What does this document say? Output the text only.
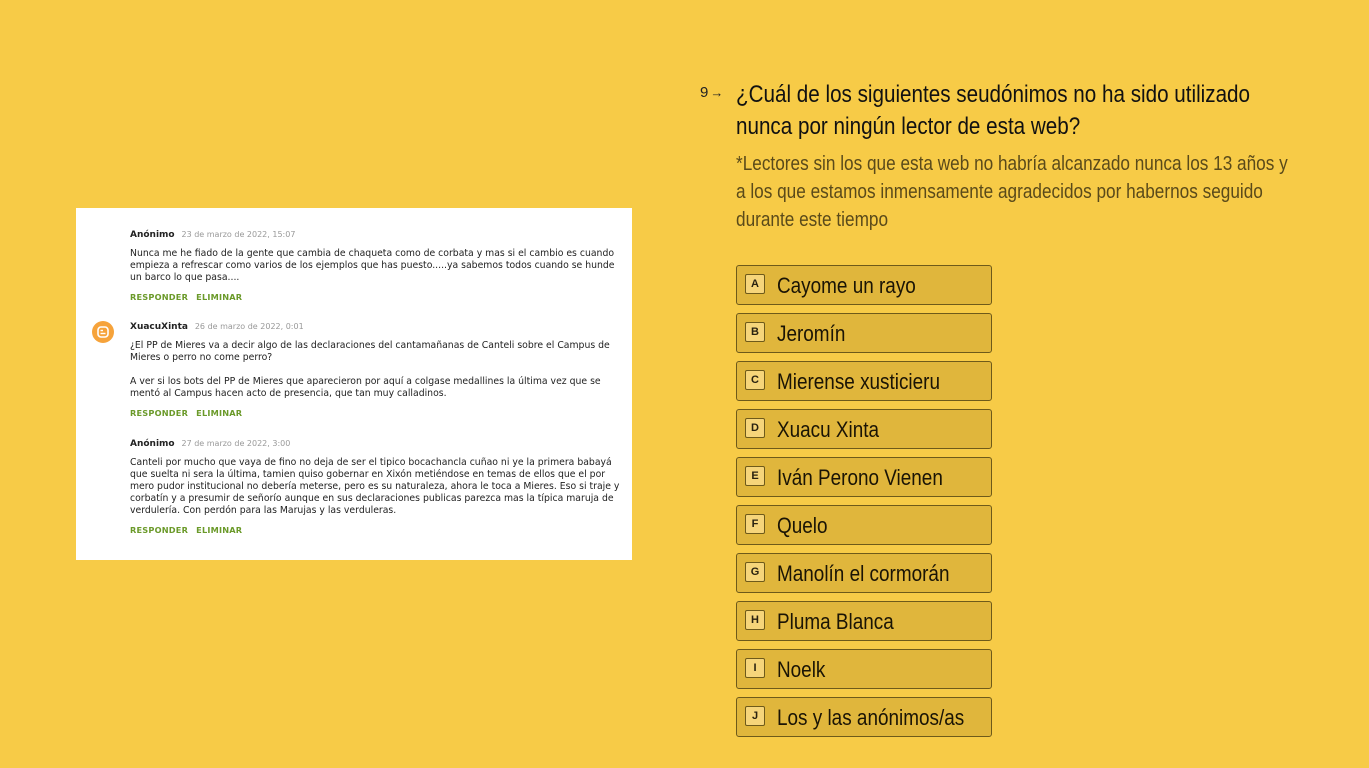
Anónimo 23 de marzo de 2022, 15:07

Nunca me he fiado de la gente que cambia de chaqueta como de corbata y mas si el cambio es cuando empieza a refrescar como varios de los ejemplos que has puesto.....ya sabemos todos cuando se hunde un barco lo que pasa....

RESPONDER ELIMINAR
XuacuXinta 26 de marzo de 2022, 0:01

¿El PP de Mieres va a decir algo de las declaraciones del cantamañanas de Canteli sobre el Campus de Mieres o perro no come perro?

A ver si los bots del PP de Mieres que aparecieron por aquí a colgase medallines la última vez que se mentó al Campus hacen acto de presencia, que tan muy calladinos.

RESPONDER ELIMINAR
Anónimo 27 de marzo de 2022, 3:00

Canteli por mucho que vaya de fino no deja de ser el tipico bocachancla cuñao ni ye la primera babayá que suelta ni sera la última, tamien quiso gobernar en Xixón metiéndose en temas de ellos que el por mero pudor institucional no debería meterse, pero es su naturaleza, ahora le toca a Mieres. Eso si traje y corbatín y a presumir de señorío aunque en sus declaraciones publicas parezca mas la típica maruja de verdulería. Con perdón para las Marujas y las verduleras.

RESPONDER ELIMINAR
9 → ¿Cuál de los siguientes seudónimos no ha sido utilizado nunca por ningún lector de esta web?

*Lectores sin los que esta web no habría alcanzado nunca los 13 años y a los que estamos inmensamente agradecidos por habernos seguido durante este tiempo

A Cayome un rayo
B Jeromín
C Mierense xusticieru
D Xuacu Xinta
E Iván Perono Vienen
F Quelo
G Manolín el cormorán
H Pluma Blanca
I Noelk
J Los y las anónimos/as
